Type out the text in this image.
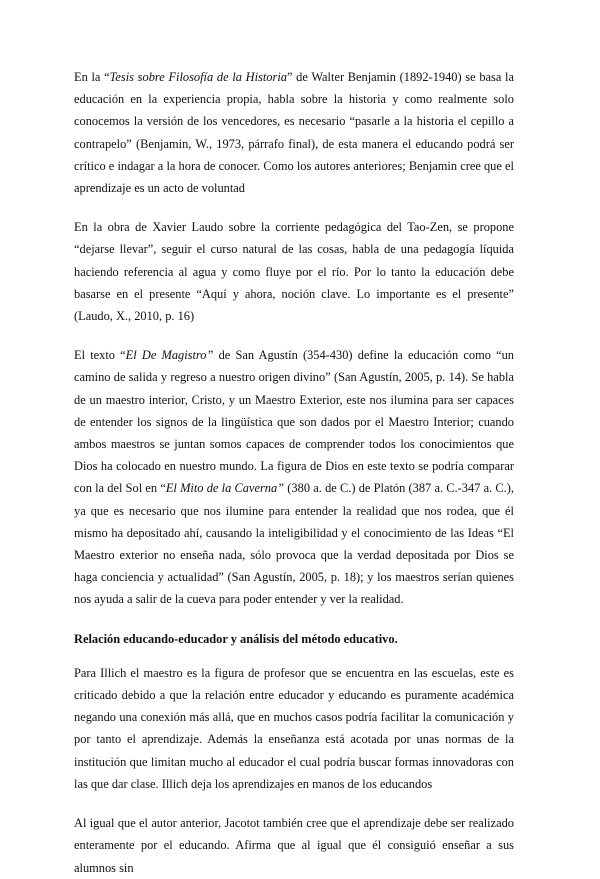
En la “Tesis sobre Filosofía de la Historia” de Walter Benjamin (1892-1940) se basa la educación en la experiencia propia, habla sobre la historia y como realmente solo conocemos la versión de los vencedores, es necesario “pasarle a la historia el cepillo a contrapelo” (Benjamin, W., 1973, párrafo final), de esta manera el educando podrá ser crítico e indagar a la hora de conocer. Como los autores anteriores; Benjamin cree que el aprendizaje es un acto de voluntad

En la obra de Xavier Laudo sobre la corriente pedagógica del Tao-Zen, se propone “dejarse llevar”, seguir el curso natural de las cosas, habla de una pedagogía líquida haciendo referencia al agua y como fluye por el río. Por lo tanto la educación debe basarse en el presente “Aquí y ahora, noción clave. Lo importante es el presente” (Laudo, X., 2010, p. 16)

El texto “El De Magistro” de San Agustín (354-430) define la educación como “un camino de salida y regreso a nuestro origen divino” (San Agustín, 2005, p. 14). Se habla de un maestro interior, Cristo, y un Maestro Exterior, este nos ilumina para ser capaces de entender los signos de la lingüística que son dados por el Maestro Interior; cuando ambos maestros se juntan somos capaces de comprender todos los conocimientos que Dios ha colocado en nuestro mundo. La figura de Dios en este texto se podría comparar con la del Sol en “El Mito de la Caverna” (380 a. de C.) de Platón (387 a. C.-347 a. C.), ya que es necesario que nos ilumine para entender la realidad que nos rodea, que él mismo ha depositado ahí, causando la inteligibilidad y el conocimiento de las Ideas “El Maestro exterior no enseña nada, sólo provoca que la verdad depositada por Dios se haga conciencia y actualidad” (San Agustín, 2005, p. 18); y los maestros serían quienes nos ayuda a salir de la cueva para poder entender y ver la realidad.

Relación educando-educador y análisis del método educativo.

Para Illich el maestro es la figura de profesor que se encuentra en las escuelas, este es criticado debido a que la relación entre educador y educando es puramente académica negando una conexión más allá, que en muchos casos podría facilitar la comunicación y por tanto el aprendizaje. Además la enseñanza está acotada por unas normas de la institución que limitan mucho al educador el cual podría buscar formas innovadoras con las que dar clase. Illich deja los aprendizajes en manos de los educandos

Al igual que el autor anterior, Jacotot también cree que el aprendizaje debe ser realizado enteramente por el educando. Afirma que al igual que él consiguió enseñar a sus alumnos sin
